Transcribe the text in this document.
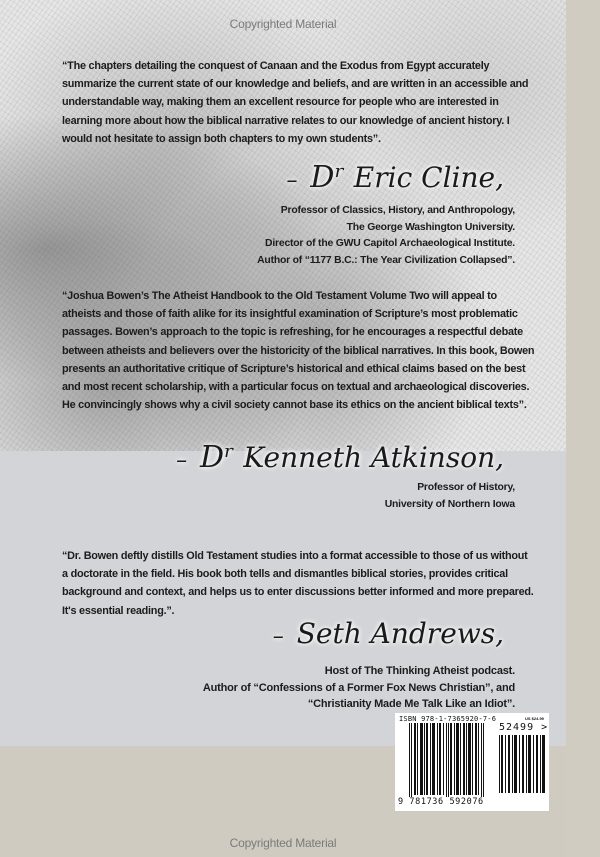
Copyrighted Material
“The chapters detailing the conquest of Canaan and the Exodus from Egypt accurately summarize the current state of our knowledge and beliefs, and are written in an accessible and understandable way, making them an excellent resource for people who are interested in learning more about how the biblical narrative relates to our knowledge of ancient history. I would not hesitate to assign both chapters to my own students”.
– Dʳ Eric Cline,
Professor of Classics, History, and Anthropology,
The George Washington University.
Director of the GWU Capitol Archaeological Institute.
Author of “1177 B.C.: The Year Civilization Collapsed”.
“Joshua Bowen’s The Atheist Handbook to the Old Testament Volume Two will appeal to atheists and those of faith alike for its insightful examination of Scripture’s most problematic passages. Bowen’s approach to the topic is refreshing, for he encourages a respectful debate between atheists and believers over the historicity of the biblical narratives. In this book, Bowen presents an authoritative critique of Scripture’s historical and ethical claims based on the best and most recent scholarship, with a particular focus on textual and archaeological discoveries. He convincingly shows why a civil society cannot base its ethics on the ancient biblical texts”.
– Dʳ Kenneth Atkinson,
Professor of History,
University of Northern Iowa
“Dr. Bowen deftly distills Old Testament studies into a format accessible to those of us without a doctorate in the field. His book both tells and dismantles biblical stories, provides critical background and context, and helps us to enter discussions better informed and more prepared. It's essential reading.”.
– Seth Andrews,
Host of The Thinking Atheist podcast.
Author of “Confessions of a Former Fox News Christian”, and
“Christianity Made Me Talk Like an Idiot”.
ISBN 978-1-7365920-7-6	US $24.99
52499 >
9 781736 592076
Copyrighted Material
